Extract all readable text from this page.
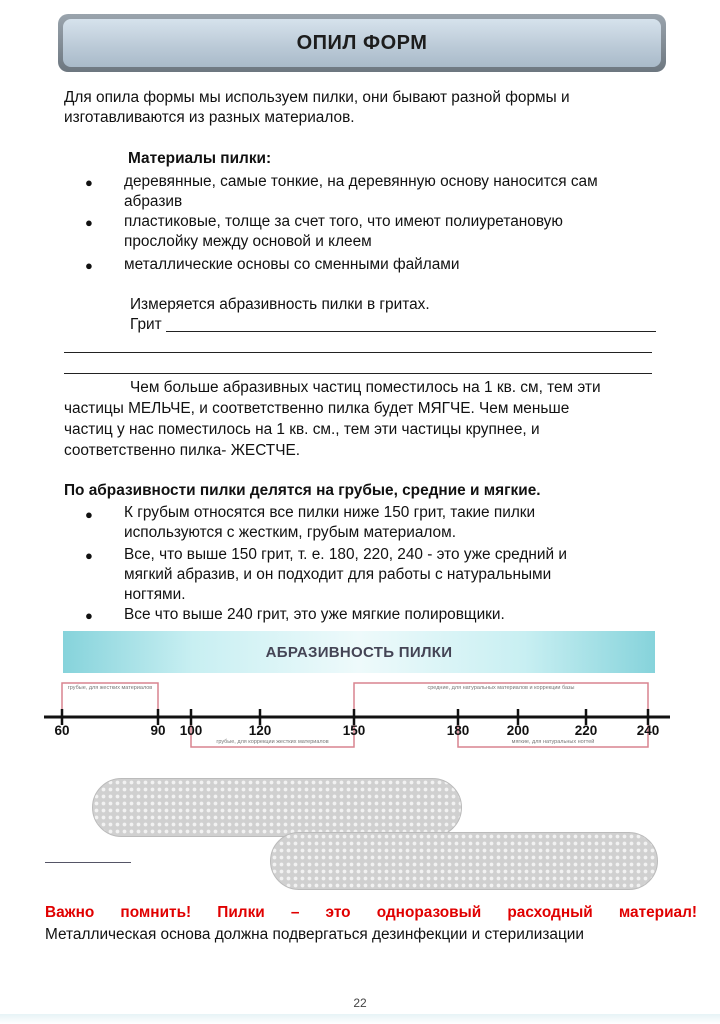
ОПИЛ ФОРМ
Для опила формы мы используем пилки, они бывают разной формы и
изготавливаются из разных материалов.
Материалы пилки:
● деревянные, самые тонкие, на деревянную основу наносится сам
абразив
● пластиковые, толще за счет того, что имеют полиуретановую
прослойку между основой и клеем
● металлические основы со сменными файлами
Измеряется абразивность пилки в гритах.
Грит
Чем больше абразивных частиц поместилось на 1 кв. см, тем эти
частицы МЕЛЬЧЕ, и соответственно пилка будет МЯГЧЕ. Чем меньше
частиц у нас поместилось на 1 кв. см., тем эти частицы крупнее, и
соответственно пилка- ЖЕСТЧЕ.
По абразивности пилки делятся на грубые, средние и мягкие.
● К грубым относятся все пилки ниже 150 грит, такие пилки
используются с жестким, грубым материалом.
● Все, что выше 150 грит, т. е. 180, 220, 240 - это уже средний и
мягкий абразив, и он подходит для работы с натуральными
ногтями.
● Все что выше 240 грит, это уже мягкие полировщики.
АБРАЗИВНОСТЬ ПИЛКИ
грубые, для жестких материалов	средние, для натуральных материалов и коррекции базы
грубые, для коррекции жестких материалов	мягкие, для натуральных ногтей
60	90 100	120	150	180	200	220	240
Важно помнить! Пилки – это одноразовый расходный материал!
Металлическая основа должна подвергаться дезинфекции и стерилизации
22
